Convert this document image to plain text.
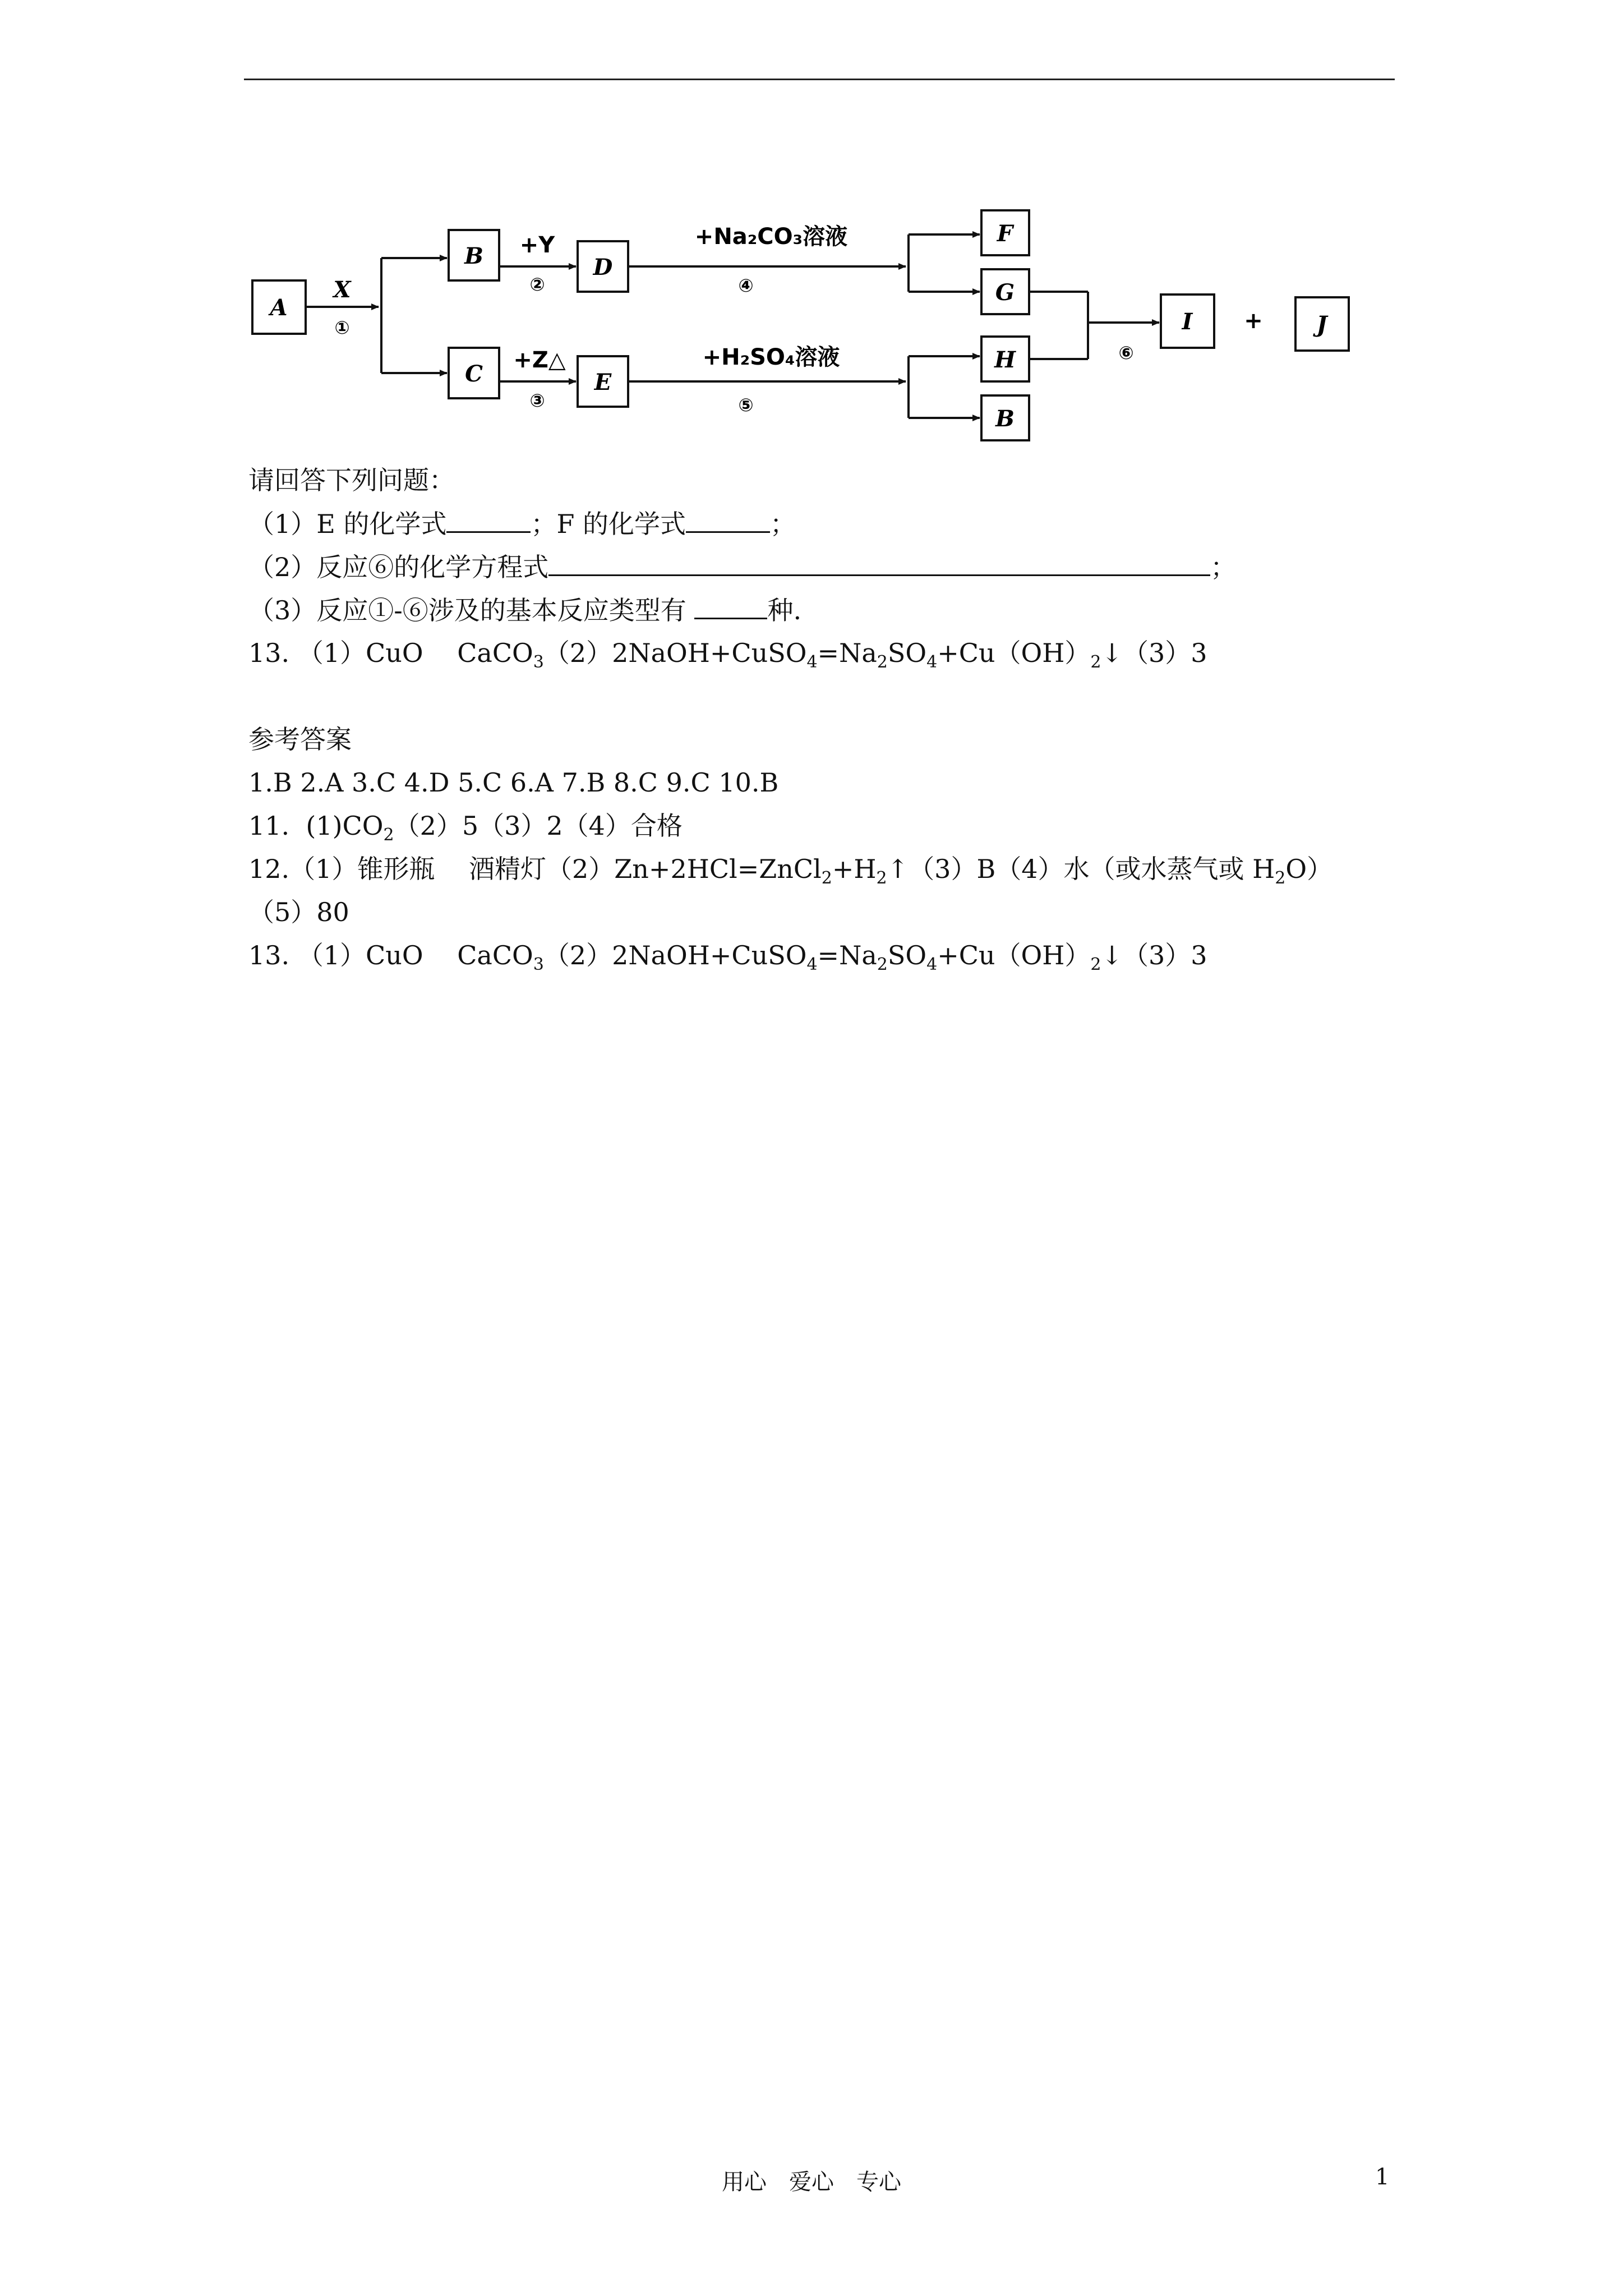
A
B
C
D
E
F
G
H
B
I	J
+
X
①
+Y
②
+Z△
③
+Na₂CO₃溶液
④
+H₂SO₄溶液
⑤
⑥
请回答下列问题：
（1）E 的化学式	；F 的化学式	；
（2）反应⑥的化学方程式	；
（3）反应①-⑥涉及的基本反应类型有	种.
13. （1）CuO　 $CaCO_3(2)2NaOH+CuSO_4=Na_2SO_4+Cu(OH)_2↓(3)3$
参考答案
1.B 2.A 3.C 4.D 5.C 6.A 7.B 8.C 9.C 10.B
11.  $(1)CO_2(2)5(3)2(4)$合格
12.（1）锥形瓶　 酒精灯$(2)Zn+2HCl=ZnCl_2+H_2↑(3)B(4)$水（或水蒸气或 $H_2O$）
（5）80
13. （1）CuO　 $CaCO_3(2)2NaOH+CuSO_4=Na_2SO_4+Cu(OH)_2↓(3)3$
用心　爱心　专心	1
